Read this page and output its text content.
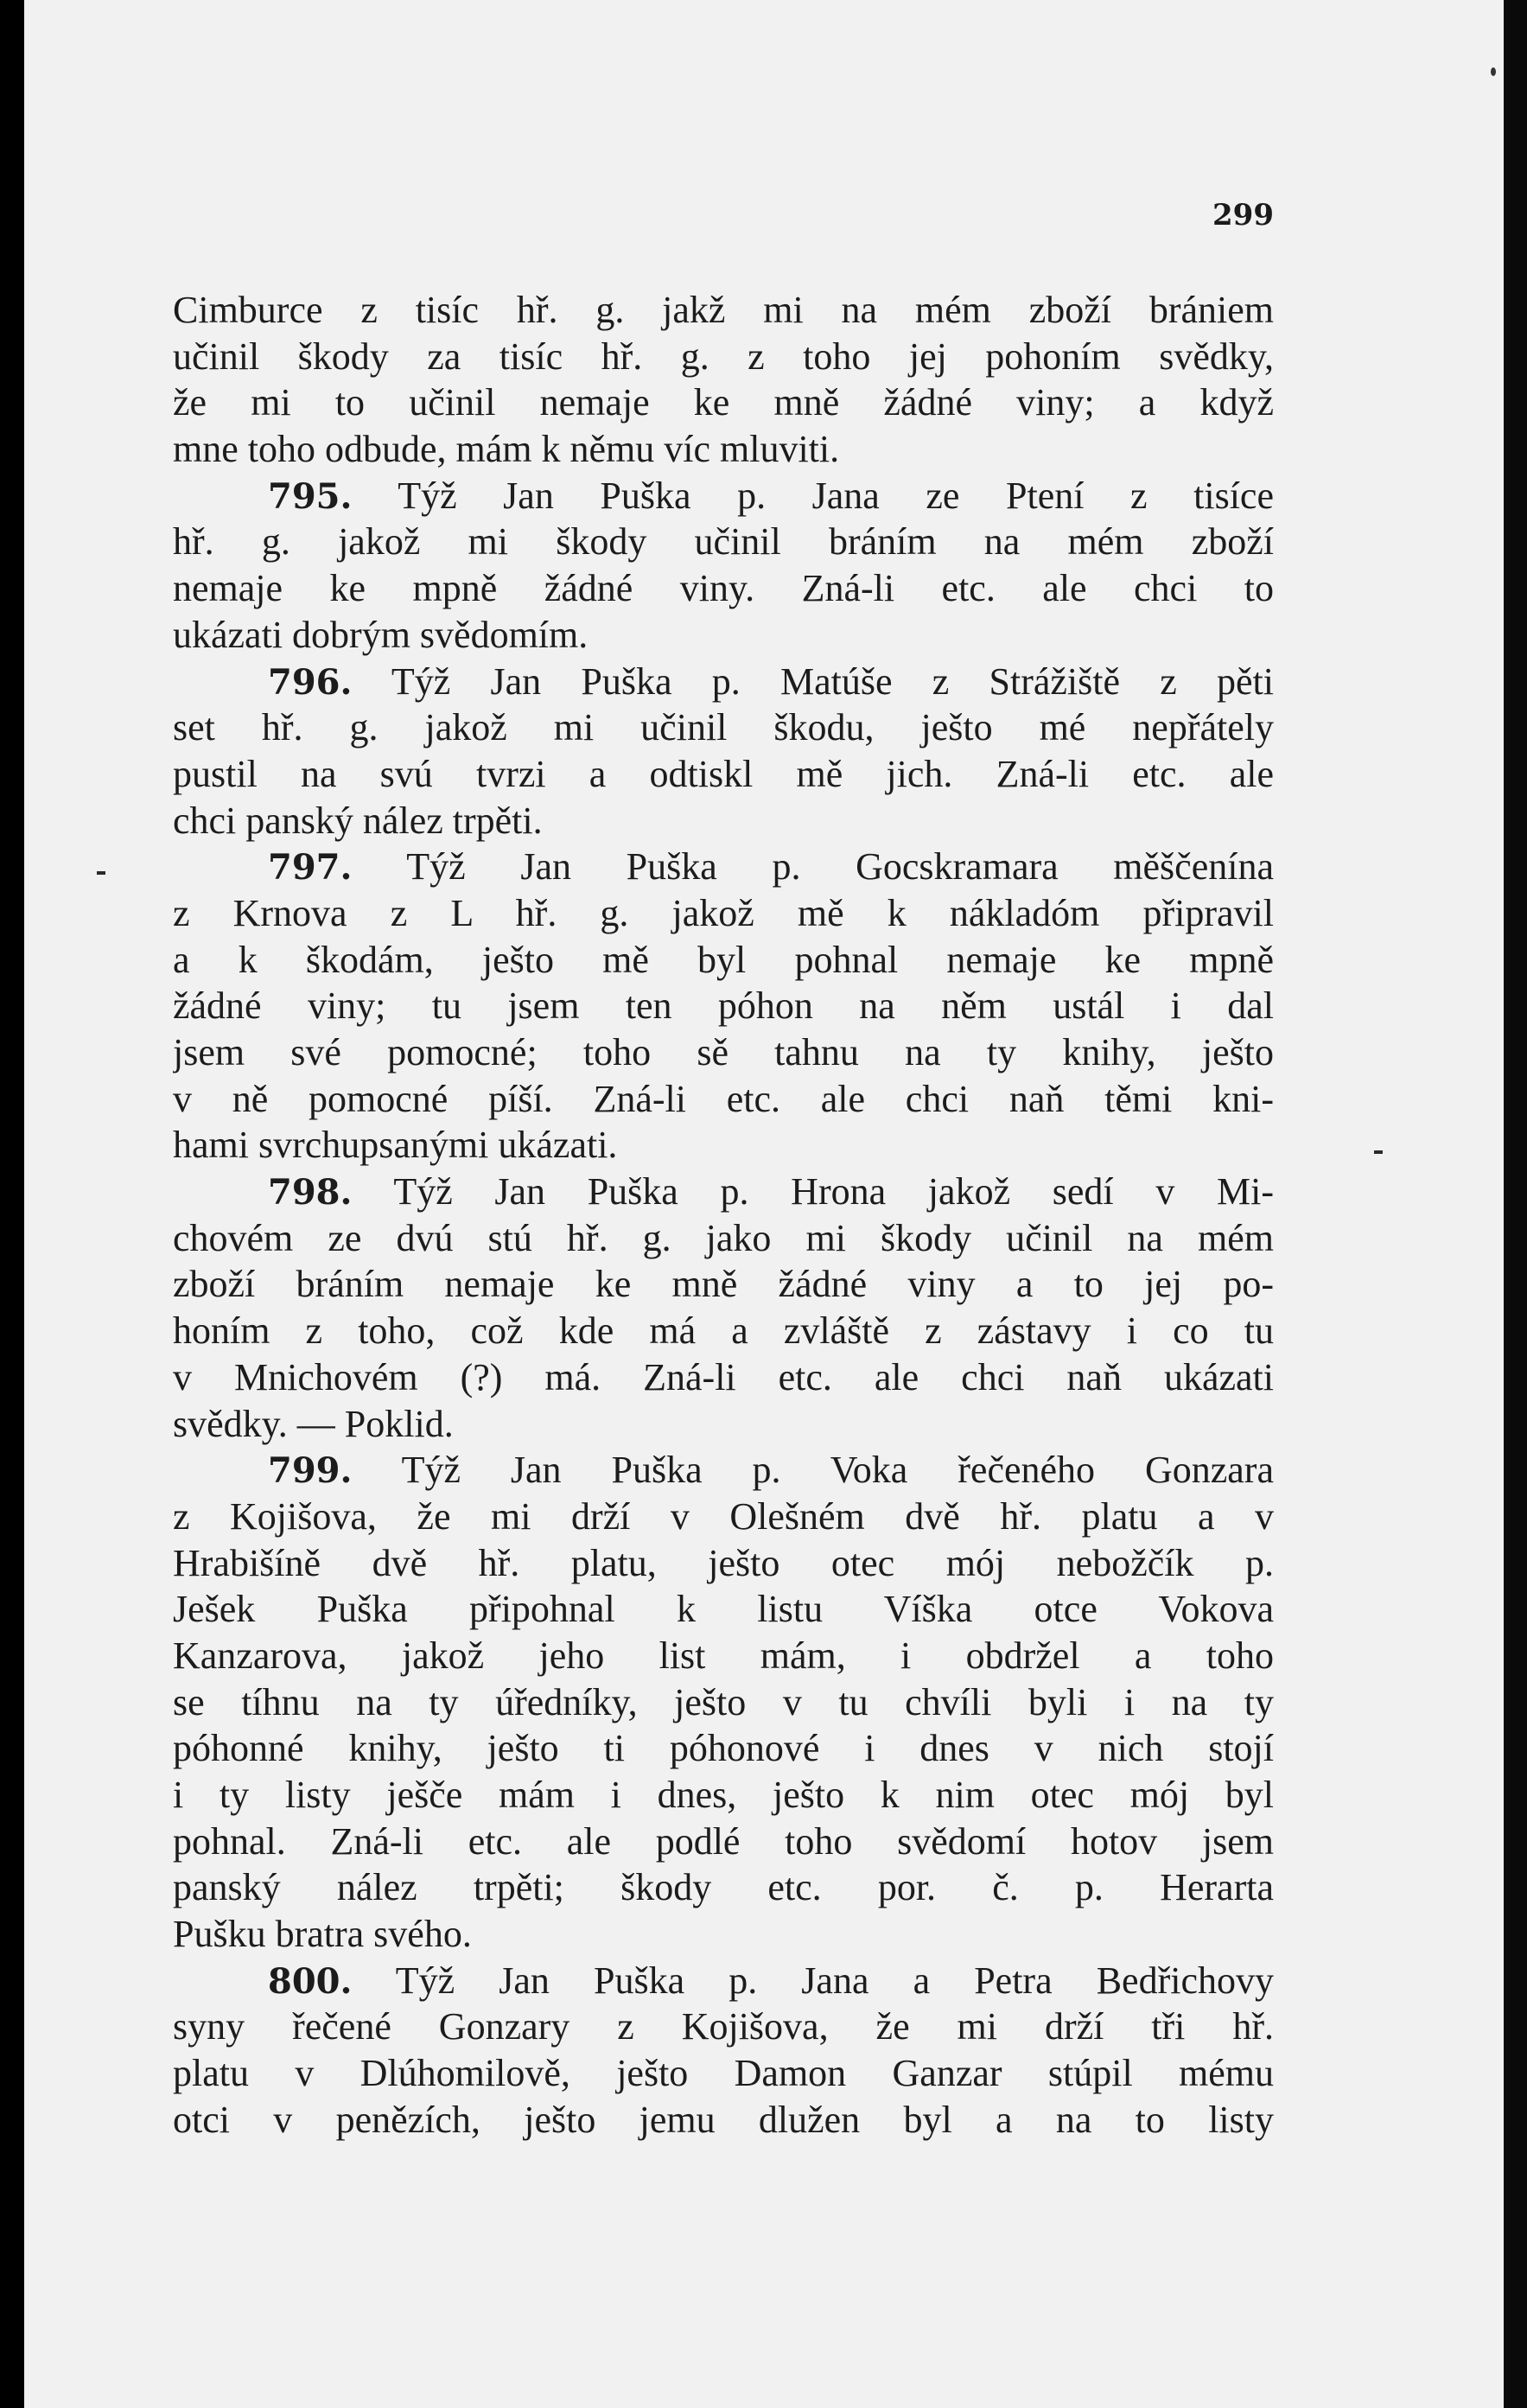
299
Cimburce z tisíc hř. g. jakž mi na mém zboží brániem
učinil škody za tisíc hř. g. z toho jej pohoním svědky,
že mi to učinil nemaje ke mně žádné viny; a když
mne toho odbude, mám k němu víc mluviti.
795. Týž Jan Puška p. Jana ze Ptení z tisíce
hř. g. jakož mi škody učinil bráním na mém zboží
nemaje ke mpně žádné viny. Zná-li etc. ale chci to
ukázati dobrým svědomím.
796. Týž Jan Puška p. Matúše z Strážiště z pěti
set hř. g. jakož mi učinil škodu, ješto mé nepřátely
pustil na svú tvrzi a odtiskl mě jich. Zná-li etc. ale
chci panský nález trpěti.
797. Týž Jan Puška p. Gocskramara měščenína
z Krnova z L hř. g. jakož mě k nákladóm připravil
a k škodám, ješto mě byl pohnal nemaje ke mpně
žádné viny; tu jsem ten póhon na něm ustál i dal
jsem své pomocné; toho sě tahnu na ty knihy, ješto
v ně pomocné píší. Zná-li etc. ale chci naň těmi kni-
hami svrchupsanými ukázati.
798. Týž Jan Puška p. Hrona jakož sedí v Mi-
chovém ze dvú stú hř. g. jako mi škody učinil na mém
zboží bráním nemaje ke mně žádné viny a to jej po-
honím z toho, což kde má a zvláště z zástavy i co tu
v Mnichovém (?) má. Zná-li etc. ale chci naň ukázati
svědky. — Poklid.
799. Týž Jan Puška p. Voka řečeného Gonzara
z Kojišova, že mi drží v Olešném dvě hř. platu a v
Hrabišíně dvě hř. platu, ješto otec mój nebožčík p.
Ješek Puška připohnal k listu Víška otce Vokova
Kanzarova, jakož jeho list mám, i obdržel a toho
se tíhnu na ty úředníky, ješto v tu chvíli byli i na ty
póhonné knihy, ješto ti póhonové i dnes v nich stojí
i ty listy ješče mám i dnes, ješto k nim otec mój byl
pohnal. Zná-li etc. ale podlé toho svědomí hotov jsem
panský nález trpěti; škody etc. por. č. p. Herarta
Pušku bratra svého.
800. Týž Jan Puška p. Jana a Petra Bedřichovy
syny řečené Gonzary z Kojišova, že mi drží tři hř.
platu v Dlúhomilově, ješto Damon Ganzar stúpil mému
otci v penězích, ješto jemu dlužen byl a na to listy
